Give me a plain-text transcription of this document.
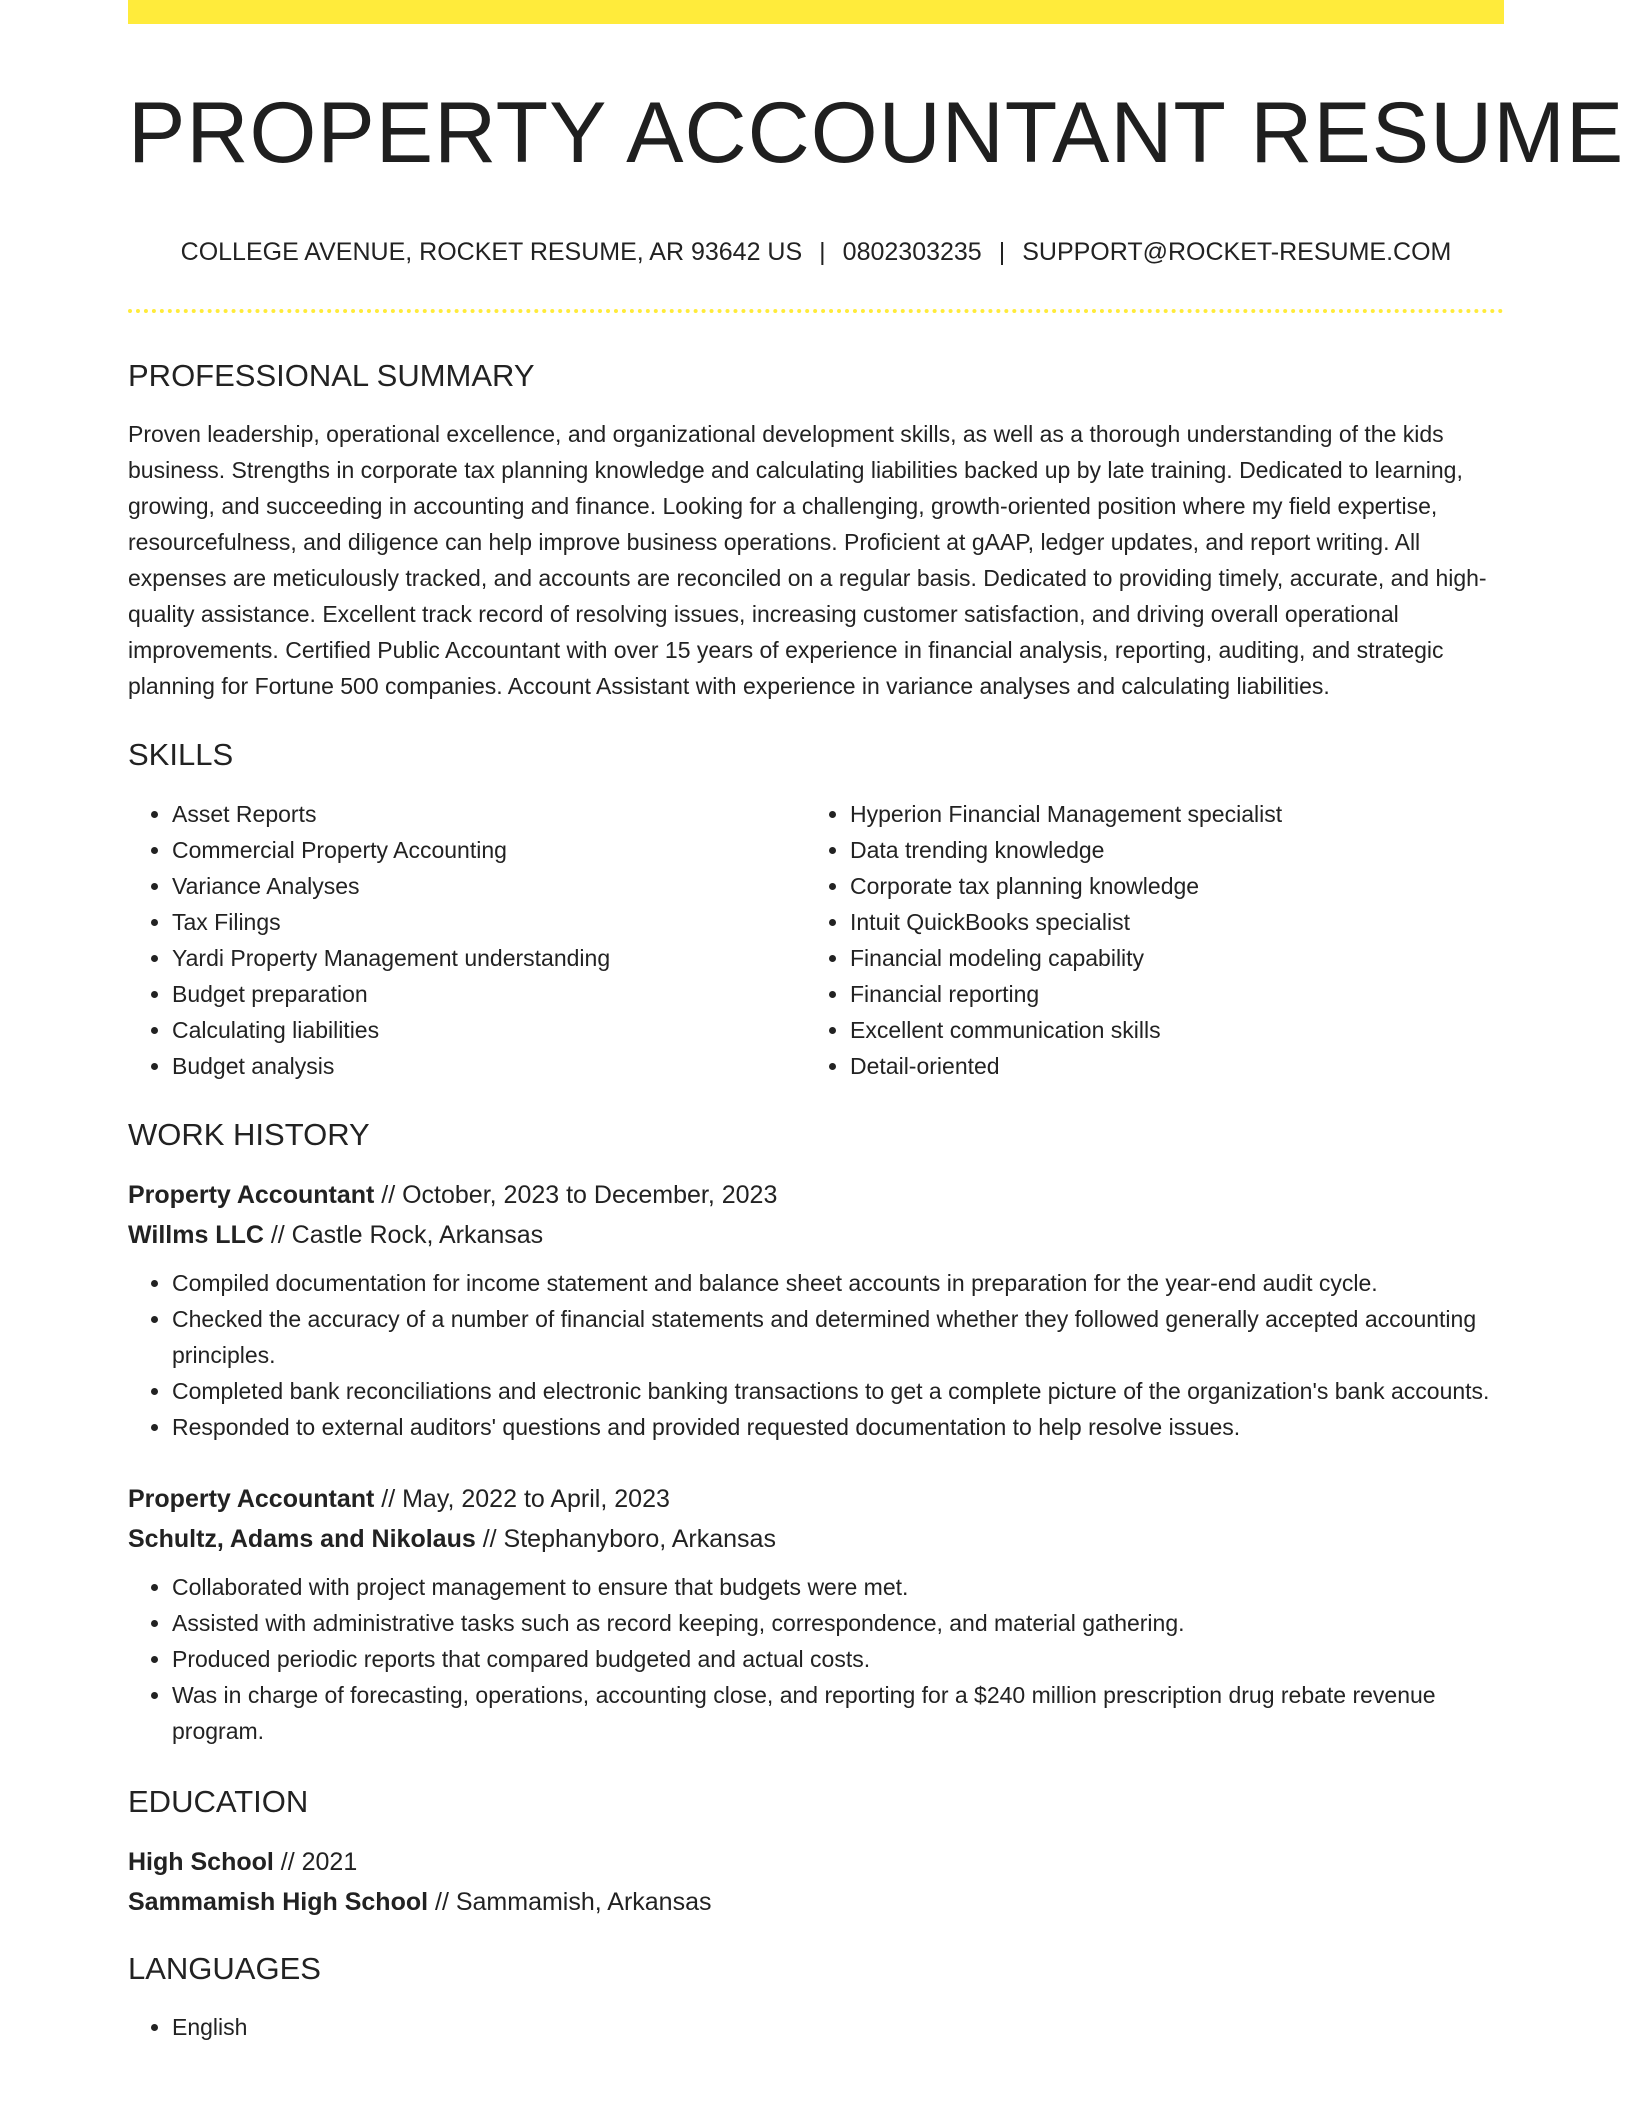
PROPERTY ACCOUNTANT RESUME
COLLEGE AVENUE, ROCKET RESUME, AR 93642 US | 0802303235 | SUPPORT@ROCKET-RESUME.COM
PROFESSIONAL SUMMARY

Proven leadership, operational excellence, and organizational development skills, as well as a thorough understanding of the kids business. Strengths in corporate tax planning knowledge and calculating liabilities backed up by late training. Dedicated to learning, growing, and succeeding in accounting and finance. Looking for a challenging, growth-oriented position where my field expertise, resourcefulness, and diligence can help improve business operations. Proficient at gAAP, ledger updates, and report writing. All expenses are meticulously tracked, and accounts are reconciled on a regular basis. Dedicated to providing timely, accurate, and high-quality assistance. Excellent track record of resolving issues, increasing customer satisfaction, and driving overall operational improvements. Certified Public Accountant with over 15 years of experience in financial analysis, reporting, auditing, and strategic planning for Fortune 500 companies. Account Assistant with experience in variance analyses and calculating liabilities.

SKILLS
• Asset Reports
• Commercial Property Accounting
• Variance Analyses
• Tax Filings
• Yardi Property Management understanding
• Budget preparation
• Calculating liabilities
• Budget analysis
• Hyperion Financial Management specialist
• Data trending knowledge
• Corporate tax planning knowledge
• Intuit QuickBooks specialist
• Financial modeling capability
• Financial reporting
• Excellent communication skills
• Detail-oriented
WORK HISTORY
Property Accountant // October, 2023 to December, 2023
Willms LLC // Castle Rock, Arkansas
• Compiled documentation for income statement and balance sheet accounts in preparation for the year-end audit cycle.
• Checked the accuracy of a number of financial statements and determined whether they followed generally accepted accounting principles.
• Completed bank reconciliations and electronic banking transactions to get a complete picture of the organization's bank accounts.
• Responded to external auditors' questions and provided requested documentation to help resolve issues.
Property Accountant // May, 2022 to April, 2023
Schultz, Adams and Nikolaus // Stephanyboro, Arkansas
• Collaborated with project management to ensure that budgets were met.
• Assisted with administrative tasks such as record keeping, correspondence, and material gathering.
• Produced periodic reports that compared budgeted and actual costs.
• Was in charge of forecasting, operations, accounting close, and reporting for a $240 million prescription drug rebate revenue program.
EDUCATION
High School // 2021
Sammamish High School // Sammamish, Arkansas
LANGUAGES
• English
